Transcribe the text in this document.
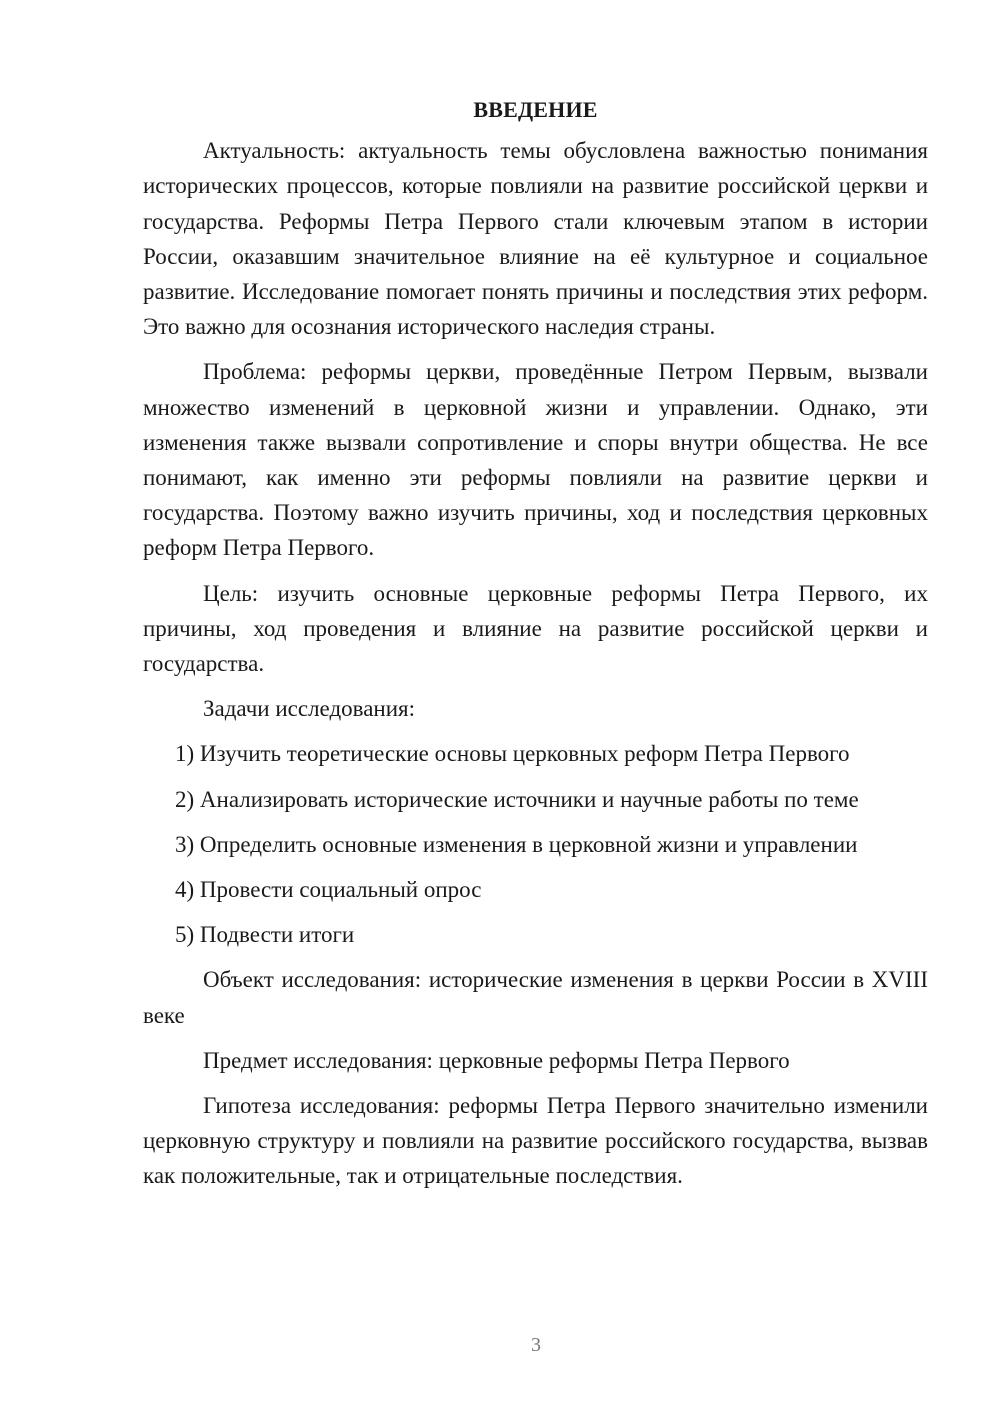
ВВЕДЕНИЕ

Актуальность: актуальность темы обусловлена важностью понимания исторических процессов, которые повлияли на развитие российской церкви и государства. Реформы Петра Первого стали ключевым этапом в истории России, оказавшим значительное влияние на её культурное и социальное развитие. Исследование помогает понять причины и последствия этих реформ. Это важно для осознания исторического наследия страны.

Проблема: реформы церкви, проведённые Петром Первым, вызвали множество изменений в церковной жизни и управлении. Однако, эти изменения также вызвали сопротивление и споры внутри общества. Не все понимают, как именно эти реформы повлияли на развитие церкви и государства. Поэтому важно изучить причины, ход и последствия церковных реформ Петра Первого.

Цель: изучить основные церковные реформы Петра Первого, их причины, ход проведения и влияние на развитие российской церкви и государства.

Задачи исследования:

1) Изучить теоретические основы церковных реформ Петра Первого
2) Анализировать исторические источники и научные работы по теме
3) Определить основные изменения в церковной жизни и управлении
4) Провести социальный опрос
5) Подвести итоги

Объект исследования: исторические изменения в церкви России в XVIII веке

Предмет исследования: церковные реформы Петра Первого

Гипотеза исследования: реформы Петра Первого значительно изменили церковную структуру и повлияли на развитие российского государства, вызвав как положительные, так и отрицательные последствия.

3
